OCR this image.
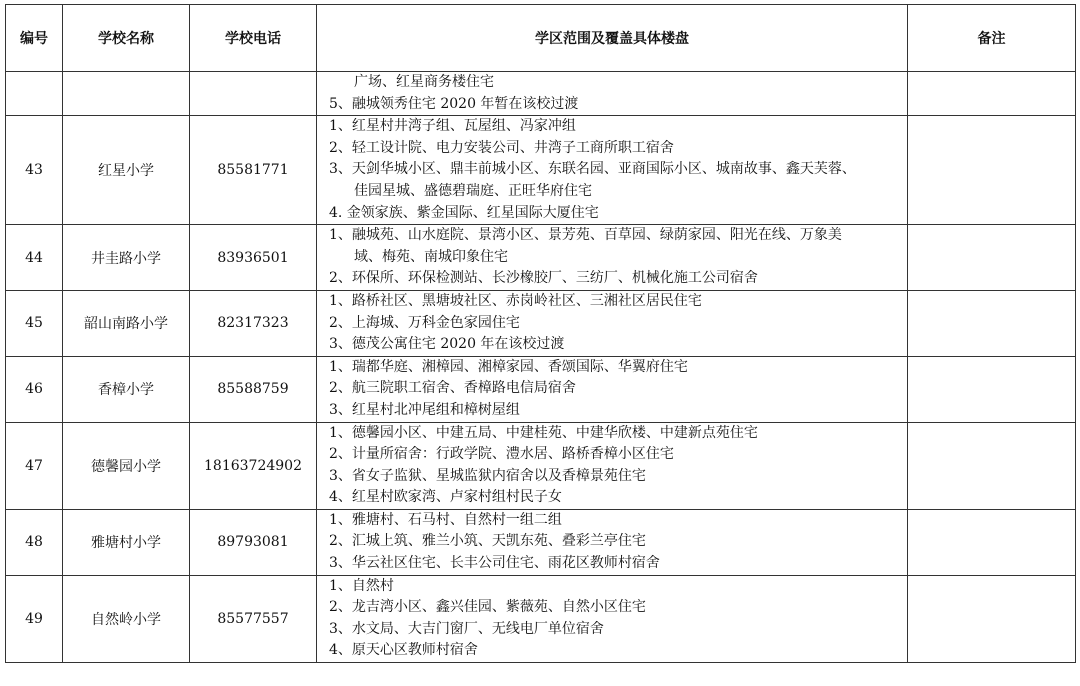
编号	学校名称	学校电话	学区范围及覆盖具体楼盘	备注

			广场、红星商务楼住宅
5、融城领秀住宅 2020 年暂在该校过渡	

43	红星小学	85581771	1、红星村井湾子组、瓦屋组、冯家冲组
2、轻工设计院、电力安装公司、井湾子工商所职工宿舍
3、天剑华城小区、鼎丰前城小区、东联名园、亚商国际小区、城南故事、鑫天芙蓉、
佳园星城、盛德碧瑞庭、正旺华府住宅
4. 金领家族、紫金国际、红星国际大厦住宅	

44	井圭路小学	83936501	1、融城苑、山水庭院、景湾小区、景芳苑、百草园、绿荫家园、阳光在线、万象美
域、梅苑、南城印象住宅
2、环保所、环保检测站、长沙橡胶厂、三纺厂、机械化施工公司宿舍	

45	韶山南路小学	82317323	1、路桥社区、黑塘坡社区、赤岗岭社区、三湘社区居民住宅
2、上海城、万科金色家园住宅
3、德茂公寓住宅 2020 年在该校过渡	

46	香樟小学	85588759	1、瑞都华庭、湘樟园、湘樟家园、香颂国际、华翼府住宅
2、航三院职工宿舍、香樟路电信局宿舍
3、红星村北冲尾组和樟树屋组	

47	德馨园小学	18163724902	1、德馨园小区、中建五局、中建桂苑、中建华欣楼、中建新点苑住宅
2、计量所宿舍：行政学院、澧水居、路桥香樟小区住宅
3、省女子监狱、星城监狱内宿舍以及香樟景苑住宅
4、红星村欧家湾、卢家村组村民子女	

48	雅塘村小学	89793081	1、雅塘村、石马村、自然村一组二组
2、汇城上筑、雅兰小筑、天凯东苑、叠彩兰亭住宅
3、华云社区住宅、长丰公司住宅、雨花区教师村宿舍	

49	自然岭小学	85577557	1、自然村
2、龙吉湾小区、鑫兴佳园、紫薇苑、自然小区住宅
3、水文局、大吉门窗厂、无线电厂单位宿舍
4、原天心区教师村宿舍	
